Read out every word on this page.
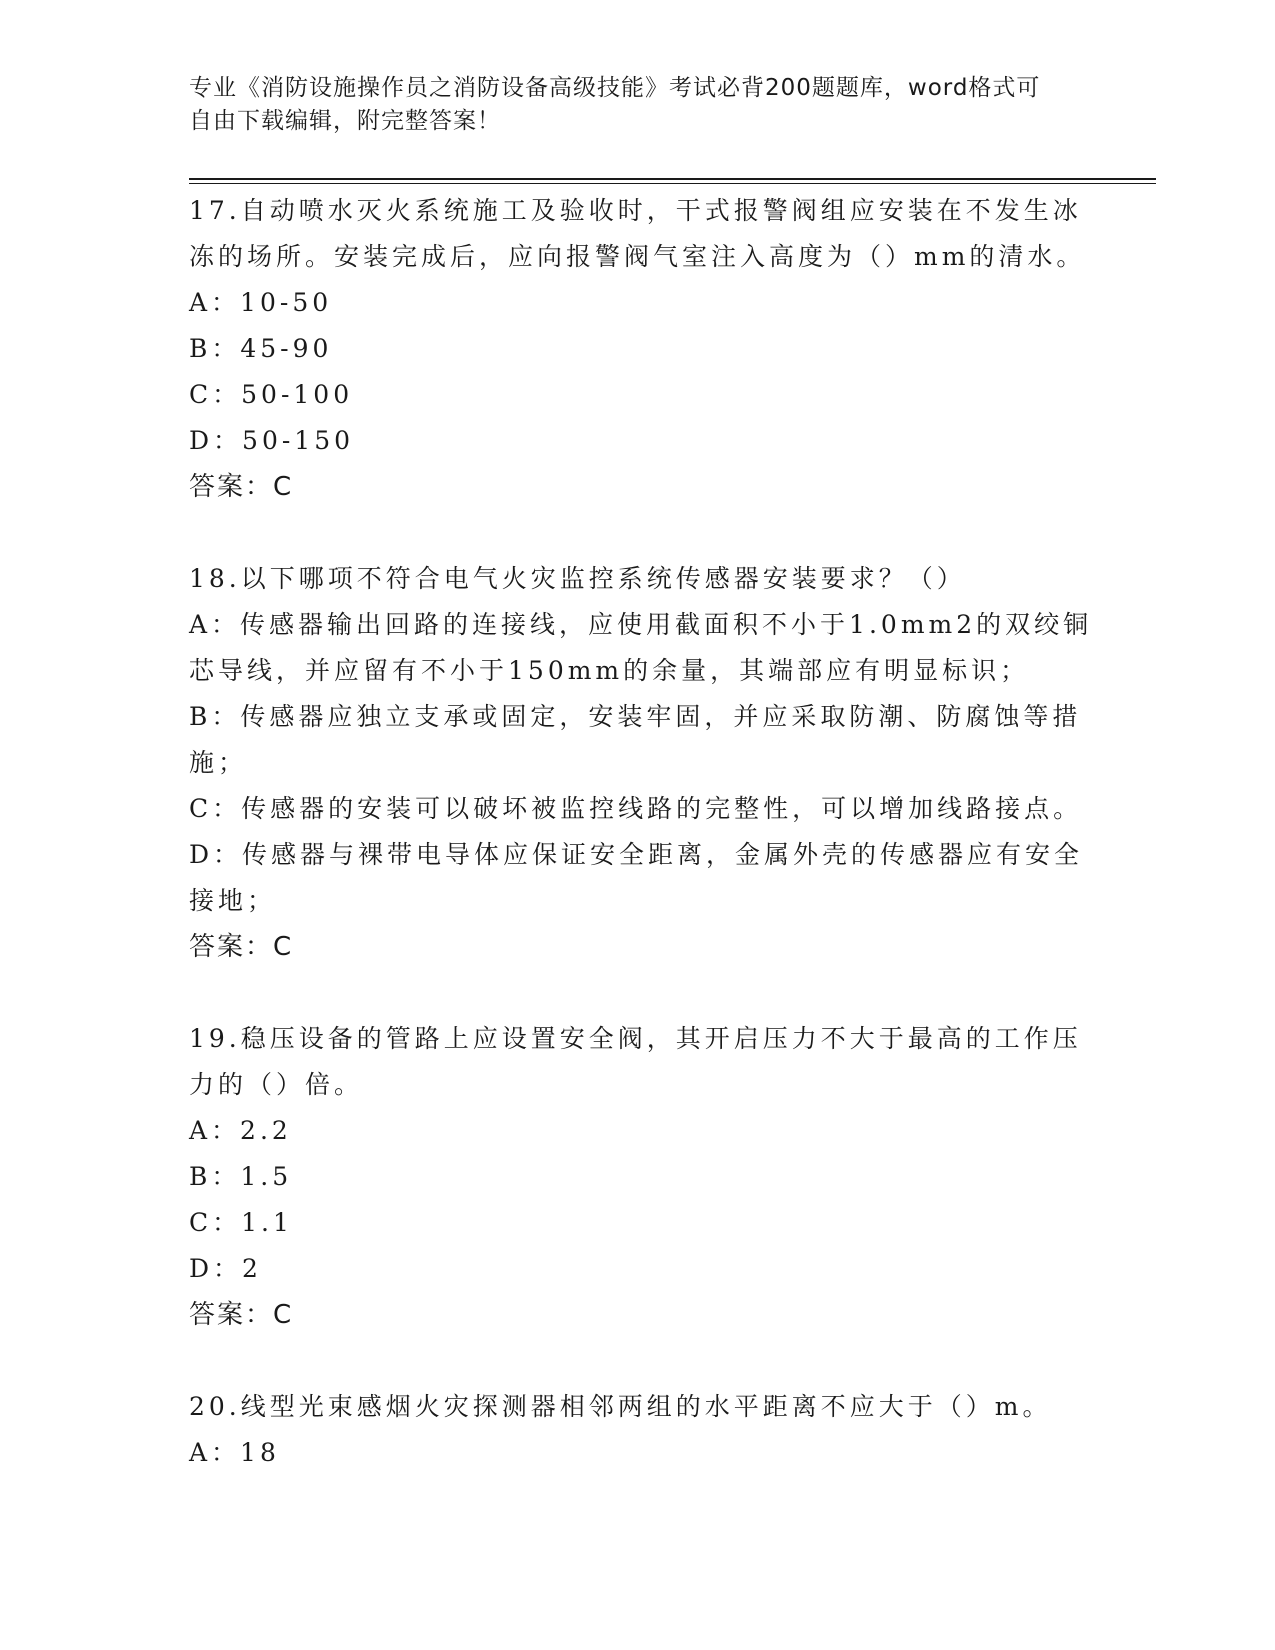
专业《消防设施操作员之消防设备高级技能》考试必背200题题库，word格式可
自由下载编辑，附完整答案！
17.自动喷水灭火系统施工及验收时，干式报警阀组应安装在不发生冰
冻的场所。安装完成后，应向报警阀气室注入高度为（）mm的清水。
A：10-50
B：45-90
C：50-100
D：50-150
答案：C
18.以下哪项不符合电气火灾监控系统传感器安装要求？（）
A：传感器输出回路的连接线，应使用截面积不小于1.0mm2的双绞铜
芯导线，并应留有不小于150mm的余量，其端部应有明显标识；
B：传感器应独立支承或固定，安装牢固，并应采取防潮、防腐蚀等措
施；
C：传感器的安装可以破坏被监控线路的完整性，可以增加线路接点。
D：传感器与裸带电导体应保证安全距离，金属外壳的传感器应有安全
接地；
答案：C
19.稳压设备的管路上应设置安全阀，其开启压力不大于最高的工作压
力的（）倍。
A：2.2
B：1.5
C：1.1
D：2
答案：C
20.线型光束感烟火灾探测器相邻两组的水平距离不应大于（）m。
A：18
